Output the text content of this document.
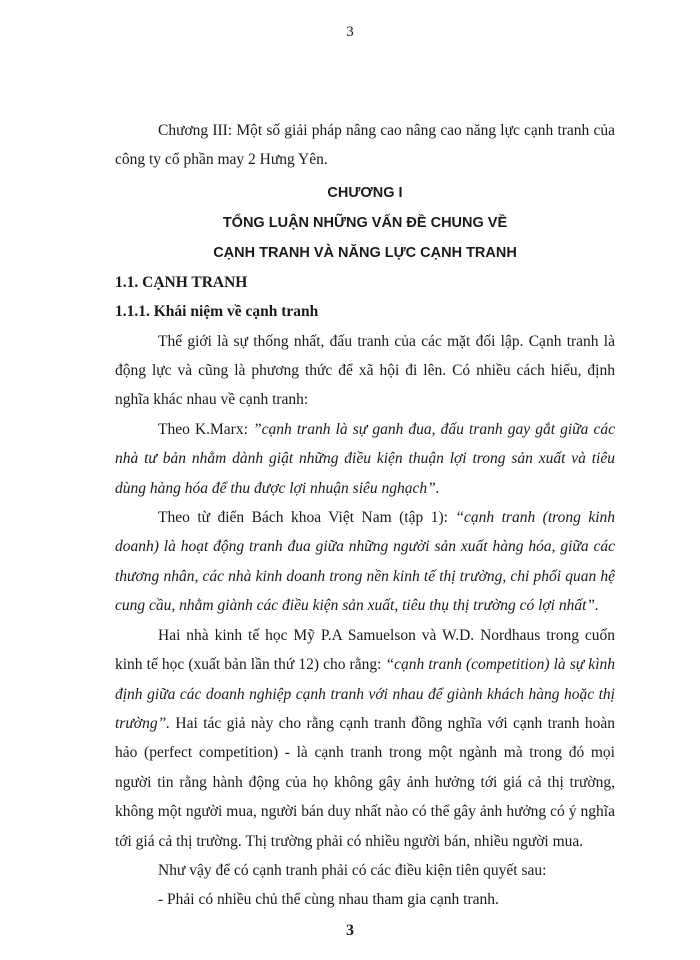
3

Chương III: Một số giải pháp nâng cao nâng cao năng lực cạnh tranh của công ty cổ phần may 2 Hưng Yên.

CHƯƠNG I
TỔNG LUẬN NHỮNG VẤN ĐỀ CHUNG VỀ
CẠNH TRANH VÀ NĂNG LỰC CẠNH TRANH

1.1. CẠNH TRANH

1.1.1. Khái niệm về cạnh tranh

Thế giới là sự thống nhất, đấu tranh của các mặt đối lập. Cạnh tranh là động lực và cũng là phương thức để xã hội đi lên. Có nhiều cách hiểu, định nghĩa khác nhau về cạnh tranh:

Theo K.Marx: ”cạnh tranh là sự ganh đua, đấu tranh gay gắt giữa các nhà tư bản nhằm dành giật những điều kiện thuận lợi trong sản xuất và tiêu dùng hàng hóa để thu được lợi nhuận siêu nghạch”.

Theo từ điển Bách khoa Việt Nam (tập 1): “cạnh tranh (trong kinh doanh) là hoạt động tranh đua giữa những người sản xuất hàng hóa, giữa các thương nhân, các nhà kinh doanh trong nền kinh tế thị trường, chi phối quan hệ cung cầu, nhằm giành các điều kiện sản xuất, tiêu thụ thị trường có lợi nhất”.

Hai nhà kinh tế học Mỹ P.A Samuelson và W.D. Nordhaus trong cuốn kinh tế học (xuất bản lần thứ 12) cho rằng: “cạnh tranh (competition) là sự kình định giữa các doanh nghiệp cạnh tranh với nhau để giành khách hàng hoặc thị trường”. Hai tác giả này cho rằng cạnh tranh đồng nghĩa với cạnh tranh hoàn hảo (perfect competition) - là cạnh tranh trong một ngành mà trong đó mọi người tin rằng hành động của họ không gây ảnh hưởng tới giá cả thị trường, không một người mua, người bán duy nhất nào có thể gây ảnh hưởng có ý nghĩa tới giá cả thị trường. Thị trường phải có nhiều người bán, nhiều người mua.

Như vậy để có cạnh tranh phải có các điều kiện tiên quyết sau:

- Phải có nhiều chủ thể cùng nhau tham gia cạnh tranh.

3
